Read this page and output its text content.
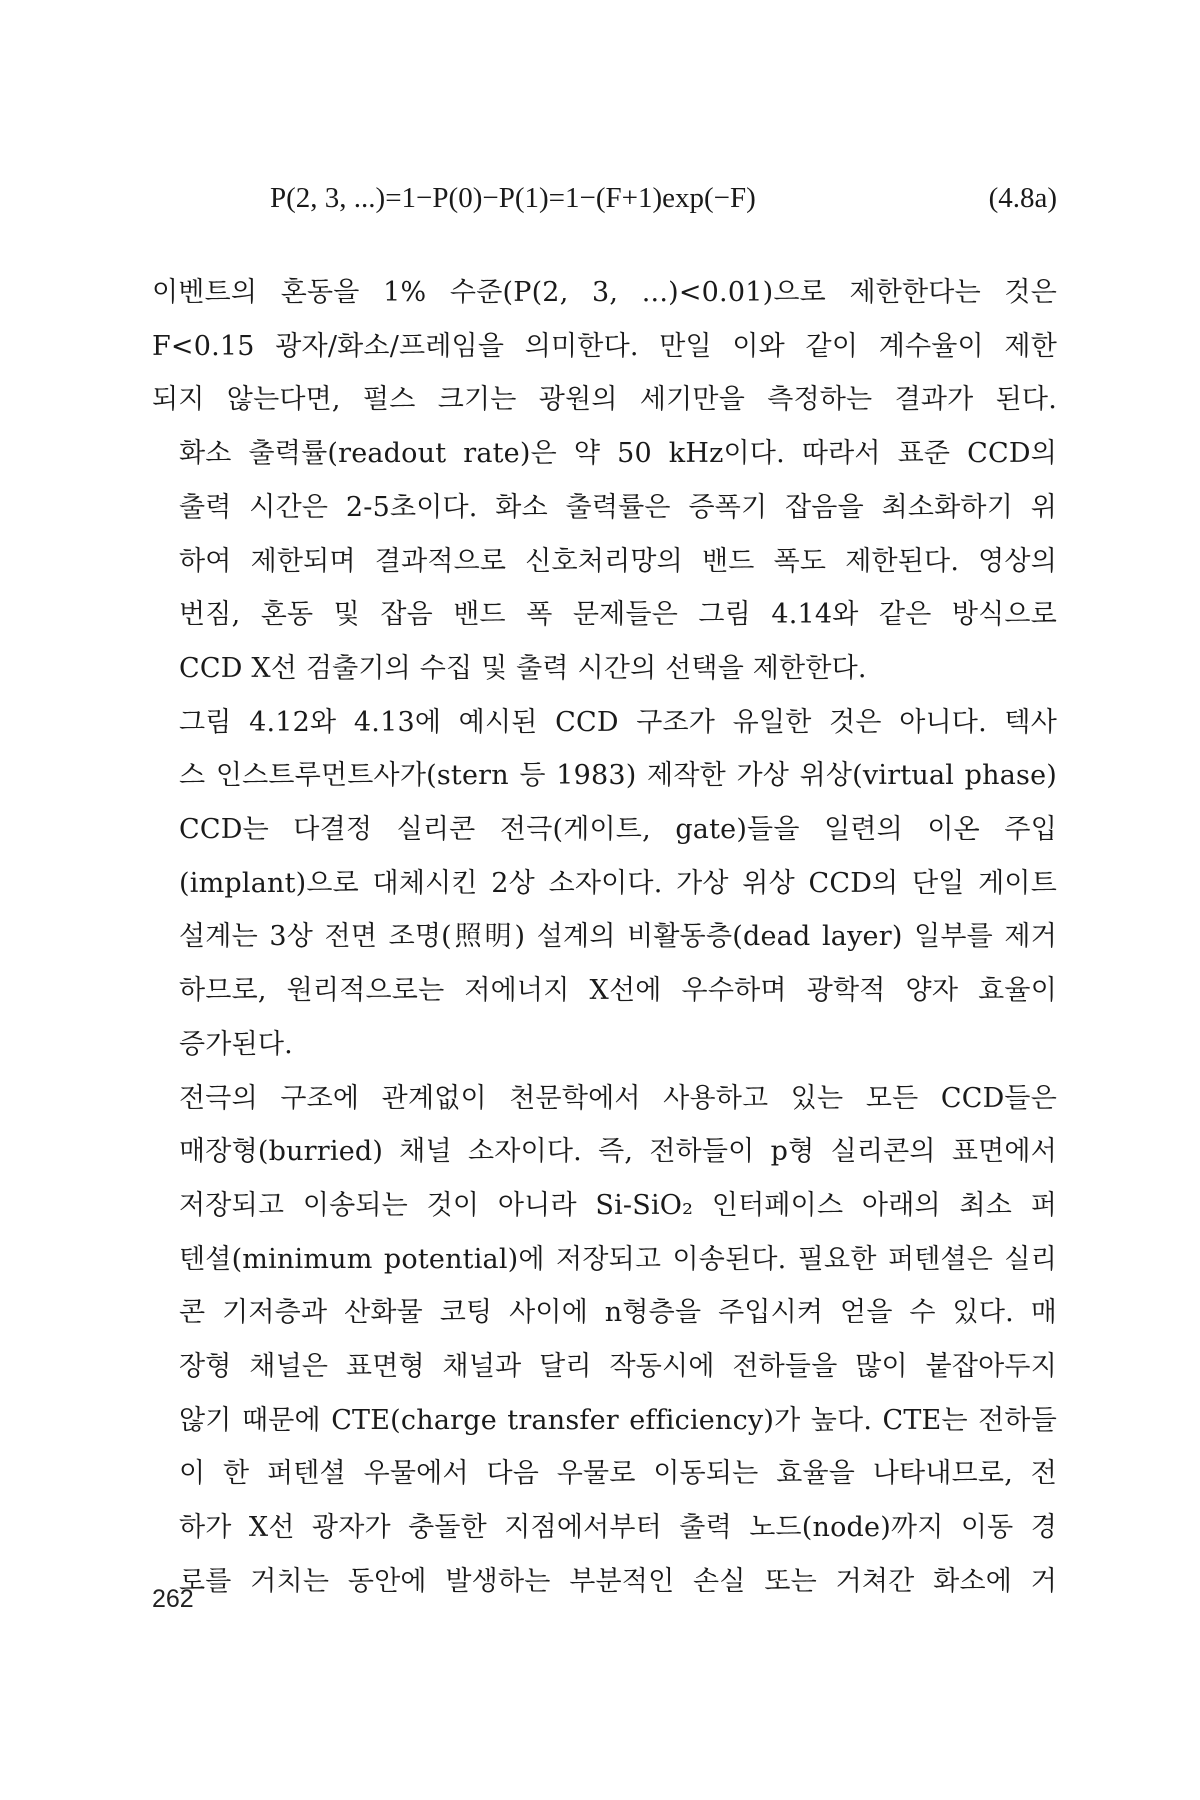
P(2, 3, ...)=1−P(0)−P(1)=1−(F+1)exp(−F)	(4.8a)

이벤트의 혼동을 1% 수준(P(2, 3, ...)<0.01)으로 제한한다는 것은
F<0.15 광자/화소/프레임을 의미한다. 만일 이와 같이 계수율이 제한
되지 않는다면, 펄스 크기는 광원의 세기만을 측정하는 결과가 된다.

화소 출력률(readout rate)은 약 50 kHz이다. 따라서 표준 CCD의
출력 시간은 2-5초이다. 화소 출력률은 증폭기 잡음을 최소화하기 위
하여 제한되며 결과적으로 신호처리망의 밴드 폭도 제한된다. 영상의
번짐, 혼동 및 잡음 밴드 폭 문제들은 그림 4.14와 같은 방식으로
CCD X선 검출기의 수집 및 출력 시간의 선택을 제한한다.

그림 4.12와 4.13에 예시된 CCD 구조가 유일한 것은 아니다. 텍사
스 인스트루먼트사가(stern 등 1983) 제작한 가상 위상(virtual phase)
CCD는 다결정 실리콘 전극(게이트, gate)들을 일련의 이온 주입
(implant)으로 대체시킨 2상 소자이다. 가상 위상 CCD의 단일 게이트
설계는 3상 전면 조명(照明) 설계의 비활동층(dead layer) 일부를 제거
하므로, 원리적으로는 저에너지 X선에 우수하며 광학적 양자 효율이
증가된다.

전극의 구조에 관계없이 천문학에서 사용하고 있는 모든 CCD들은
매장형(burried) 채널 소자이다. 즉, 전하들이 p형 실리콘의 표면에서
저장되고 이송되는 것이 아니라 Si-SiO₂ 인터페이스 아래의 최소 퍼
텐셜(minimum potential)에 저장되고 이송된다. 필요한 퍼텐셜은 실리
콘 기저층과 산화물 코팅 사이에 n형층을 주입시켜 얻을 수 있다. 매
장형 채널은 표면형 채널과 달리 작동시에 전하들을 많이 붙잡아두지
않기 때문에 CTE(charge transfer efficiency)가 높다. CTE는 전하들
이 한 퍼텐셜 우물에서 다음 우물로 이동되는 효율을 나타내므로, 전
하가 X선 광자가 충돌한 지점에서부터 출력 노드(node)까지 이동 경
로를 거치는 동안에 발생하는 부분적인 손실 또는 거쳐간 화소에 거

262
